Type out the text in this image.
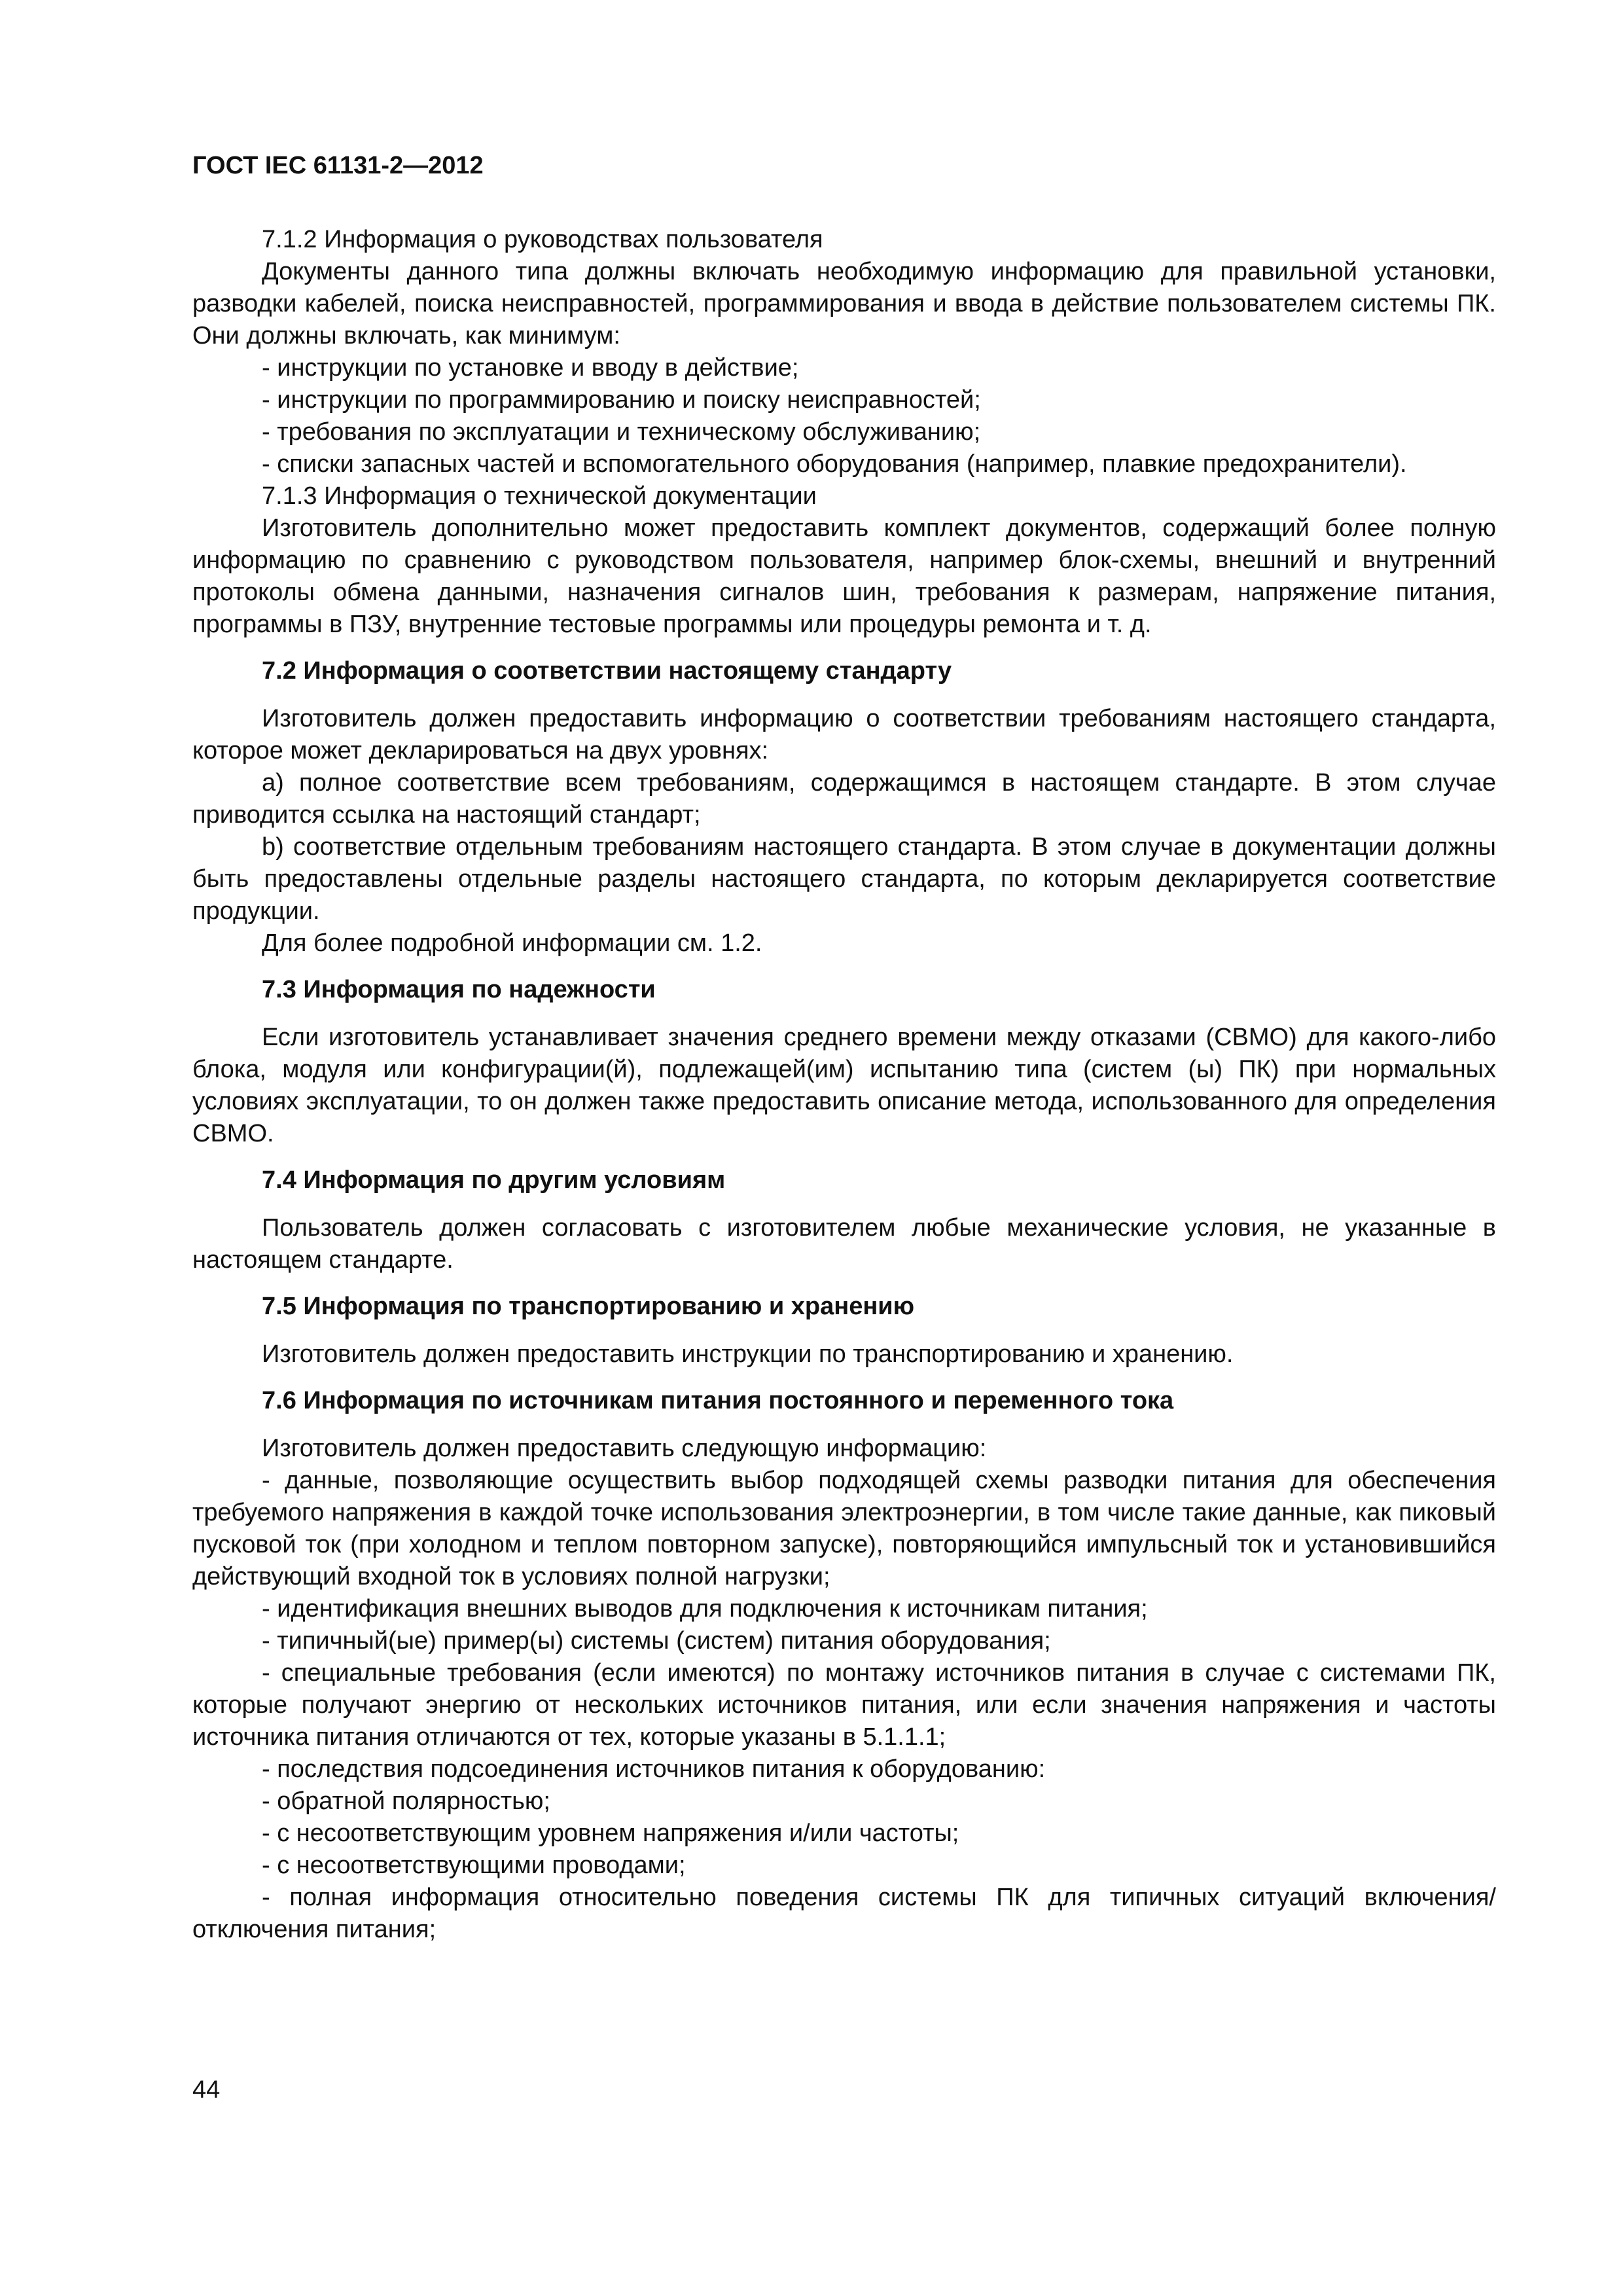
ГОСТ IEC 61131-2—2012

7.1.2 Информация о руководствах пользователя

Документы данного типа должны включать необходимую информацию для правильной установки, разводки кабелей, поиска неисправностей, программирования и ввода в действие пользователем системы ПК. Они должны включать, как минимум:

- инструкции по установке и вводу в действие;

- инструкции по программированию и поиску неисправностей;

- требования по эксплуатации и техническому обслуживанию;

- списки запасных частей и вспомогательного оборудования (например, плавкие предохранители).

7.1.3 Информация о технической документации

Изготовитель дополнительно может предоставить комплект документов, содержащий более полную информацию по сравнению с руководством пользователя, например блок-схемы, внешний и внутренний протоколы обмена данными, назначения сигналов шин, требования к размерам, напряжение питания, программы в ПЗУ, внутренние тестовые программы или процедуры ремонта и т. д.

7.2 Информация о соответствии настоящему стандарту

Изготовитель должен предоставить информацию о соответствии требованиям настоящего стандарта, которое может декларироваться на двух уровнях:

a) полное соответствие всем требованиям, содержащимся в настоящем стандарте. В этом случае приводится ссылка на настоящий стандарт;

b) соответствие отдельным требованиям настоящего стандарта. В этом случае в документации должны быть предоставлены отдельные разделы настоящего стандарта, по которым декларируется соответствие продукции.

Для более подробной информации см. 1.2.

7.3 Информация по надежности

Если изготовитель устанавливает значения среднего времени между отказами (СВМО) для какого-либо блока, модуля или конфигурации(й), подлежащей(им) испытанию типа (систем (ы) ПК) при нормальных условиях эксплуатации, то он должен также предоставить описание метода, использованного для определения СВМО.

7.4 Информация по другим условиям

Пользователь должен согласовать с изготовителем любые механические условия, не указанные в настоящем стандарте.

7.5 Информация по транспортированию и хранению

Изготовитель должен предоставить инструкции по транспортированию и хранению.

7.6 Информация по источникам питания постоянного и переменного тока

Изготовитель должен предоставить следующую информацию:

- данные, позволяющие осуществить выбор подходящей схемы разводки питания для обеспечения требуемого напряжения в каждой точке использования электроэнергии, в том числе такие данные, как пиковый пусковой ток (при холодном и теплом повторном запуске), повторяющийся импульсный ток и установившийся действующий входной ток в условиях полной нагрузки;

- идентификация внешних выводов для подключения к источникам питания;

- типичный(ые) пример(ы) системы (систем) питания оборудования;

- специальные требования (если имеются) по монтажу источников питания в случае с системами ПК, которые получают энергию от нескольких источников питания, или если значения напряжения и частоты источника питания отличаются от тех, которые указаны в 5.1.1.1;

- последствия подсоединения источников питания к оборудованию:

- обратной полярностью;

- с несоответствующим уровнем напряжения и/или частоты;

- с несоответствующими проводами;

- полная информация относительно поведения системы ПК для типичных ситуаций включения/отключения питания;

44
